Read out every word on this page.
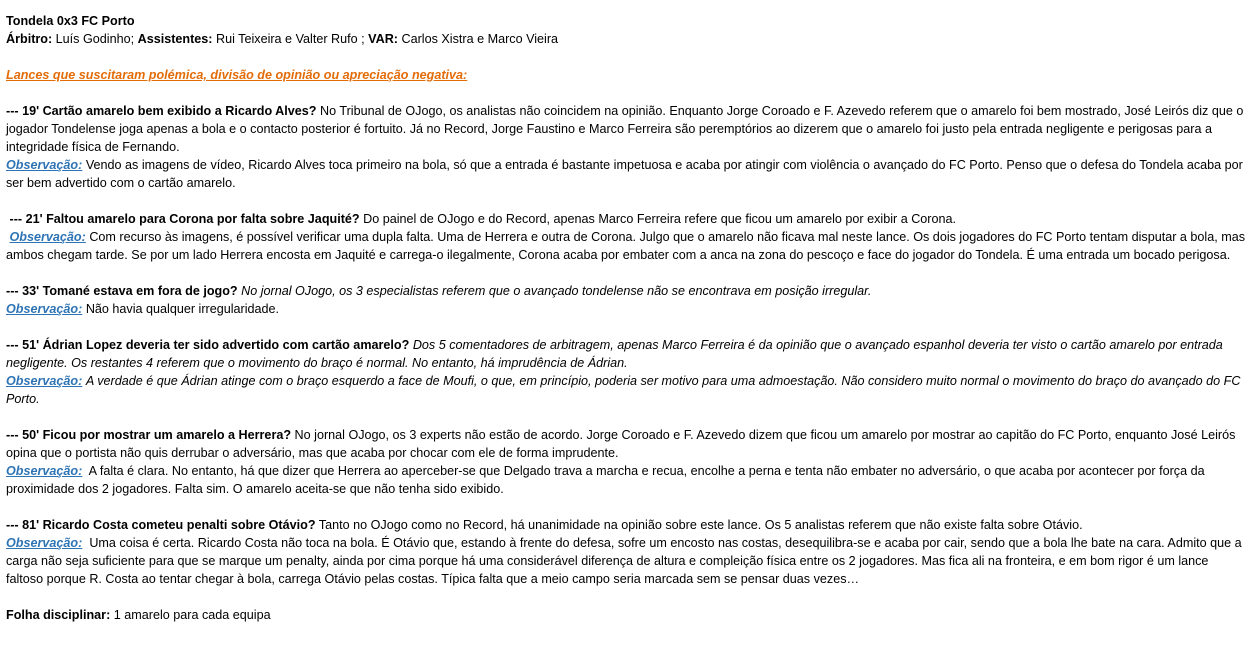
Tondela 0x3 FC Porto

Árbitro: Luís Godinho; Assistentes: Rui Teixeira e Valter Rufo ; VAR: Carlos Xistra e Marco Vieira

Lances que suscitaram polémica, divisão de opinião ou apreciação negativa:

--- 19' Cartão amarelo bem exibido a Ricardo Alves? No Tribunal de OJogo, os analistas não coincidem na opinião. Enquanto Jorge Coroado e F. Azevedo referem que o amarelo foi bem mostrado, José Leirós diz que o jogador Tondelense joga apenas a bola e o contacto posterior é fortuito. Já no Record, Jorge Faustino e Marco Ferreira são peremptórios ao dizerem que o amarelo foi justo pela entrada negligente e perigosas para a integridade física de Fernando.

Observação: Vendo as imagens de vídeo, Ricardo Alves toca primeiro na bola, só que a entrada é bastante impetuosa e acaba por atingir com violência o avançado do FC Porto. Penso que o defesa do Tondela acaba por ser bem advertido com o cartão amarelo.

--- 21' Faltou amarelo para Corona por falta sobre Jaquité? Do painel de OJogo e do Record, apenas Marco Ferreira refere que ficou um amarelo por exibir a Corona.

Observação: Com recurso às imagens, é possível verificar uma dupla falta. Uma de Herrera e outra de Corona. Julgo que o amarelo não ficava mal neste lance. Os dois jogadores do FC Porto tentam disputar a bola, mas ambos chegam tarde. Se por um lado Herrera encosta em Jaquité e carrega-o ilegalmente, Corona acaba por embater com a anca na zona do pescoço e face do jogador do Tondela. É uma entrada um bocado perigosa.

--- 33' Tomané estava em fora de jogo? No jornal OJogo, os 3 especialistas referem que o avançado tondelense não se encontrava em posição irregular.

Observação: Não havia qualquer irregularidade.

--- 51' Ádrian Lopez deveria ter sido advertido com cartão amarelo? Dos 5 comentadores de arbitragem, apenas Marco Ferreira é da opinião que o avançado espanhol deveria ter visto o cartão amarelo por entrada negligente. Os restantes 4 referem que o movimento do braço é normal. No entanto, há imprudência de Ádrian.

Observação: A verdade é que Ádrian atinge com o braço esquerdo a face de Moufi, o que, em princípio, poderia ser motivo para uma admoestação. Não considero muito normal o movimento do braço do avançado do FC Porto.

--- 50' Ficou por mostrar um amarelo a Herrera? No jornal OJogo, os 3 experts não estão de acordo. Jorge Coroado e F. Azevedo dizem que ficou um amarelo por mostrar ao capitão do FC Porto, enquanto José Leirós opina que o portista não quis derrubar o adversário, mas que acaba por chocar com ele de forma imprudente.

Observação: A falta é clara. No entanto, há que dizer que Herrera ao aperceber-se que Delgado trava a marcha e recua, encolhe a perna e tenta não embater no adversário, o que acaba por acontecer por força da proximidade dos 2 jogadores. Falta sim. O amarelo aceita-se que não tenha sido exibido.

--- 81' Ricardo Costa cometeu penalti sobre Otávio? Tanto no OJogo como no Record, há unanimidade na opinião sobre este lance. Os 5 analistas referem que não existe falta sobre Otávio.

Observação: Uma coisa é certa. Ricardo Costa não toca na bola. É Otávio que, estando à frente do defesa, sofre um encosto nas costas, desequilibra-se e acaba por cair, sendo que a bola lhe bate na cara. Admito que a carga não seja suficiente para que se marque um penalty, ainda por cima porque há uma considerável diferença de altura e compleição física entre os 2 jogadores. Mas fica ali na fronteira, e em bom rigor é um lance faltoso porque R. Costa ao tentar chegar à bola, carrega Otávio pelas costas. Típica falta que a meio campo seria marcada sem se pensar duas vezes…

Folha disciplinar: 1 amarelo para cada equipa
